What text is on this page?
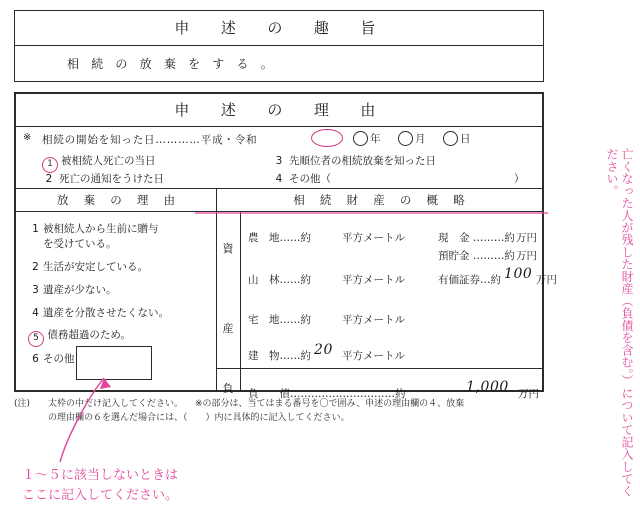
申　述　の　趣　旨
相 続 の 放 棄 を す る 。
申　述　の　理　由
※ 相続の開始を知った日…………平成・令和	年	月	日
1 被相続人死亡の当日
2 死亡の通知をうけた日
3 先順位者の相続放棄を知った日
4 その他（	）
放 棄 の 理 由
1 被相続人から生前に贈与
を受けている。
2 生活が安定している。
3 遺産が少ない。
4 遺産を分散させたくない。
5 債務超過のため。
6 その他
相 続 財 産 の 概 略
資
産
負
農　地……約	平方メートル	現　金 ………約 万円
預貯金 ………約 万円
山　林……約	平方メートル	有価証券…約 100 万円
宅　地……約	平方メートル
建　物……約 20 平方メートル
負　　債…………………………約	1,000 万円
(注) 太枠の中だけ記入してください。 ※の部分は、当てはまる番号を〇で囲み、申述の理由欄の４、放棄
の理由欄の６を選んだ場合には、（　　）内に具体的に記入してください。	亡くなった人が残した財産（負債を含む。）について記入してください。
１〜５に該当しないときは
ここに記入してください。
